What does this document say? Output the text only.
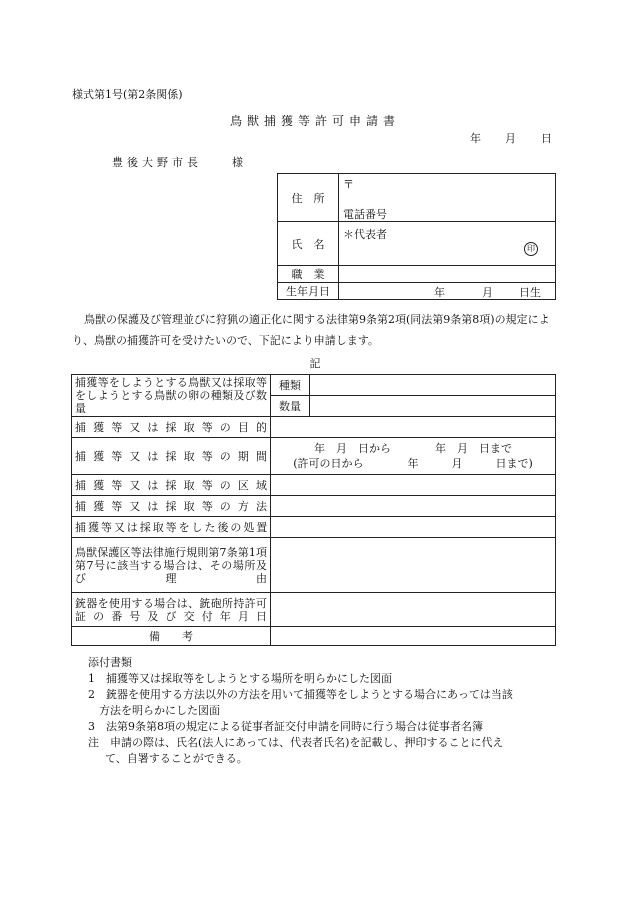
様式第1号(第2条関係)
鳥獣捕獲等許可申請書
年 月 日
豊後大野市長　　様
住　所	〒
電話番号

氏　名	＊代表者
印

職　業	
生年月日	年 月 日生
鳥獣の保護及び管理並びに狩猟の適正化に関する法律第9条第2項(同法第9条第8項)の規定により、鳥獣の捕獲許可を受けたいので、下記により申請します。
記
捕獲等をしようとする鳥獣又は採取等をしようとする鳥獣の卵の種類及び数量	種類	
	数量	
捕獲等又は採取等の目的		
捕獲等又は採取等の期間	年　月　日から　　　　年　月　日まで
(許可の日から　　　　年　　　月　　　日まで)	

捕獲等又は採取等の区域		
捕獲等又は採取等の方法		
捕獲等又は採取等をした後の処置		
鳥獣保護区等法律施行規則第7条第1項第7号に該当する場合は、その場所及び理由		
銃器を使用する場合は、銃砲所持許可証の番号及び交付年月日		
備　　考		
添付書類
1　捕獲等又は採取等をしようとする場所を明らかにした図面
2　銃器を使用する方法以外の方法を用いて捕獲等をしようとする場合にあっては当該
方法を明らかにした図面
3　法第9条第8項の規定による従事者証交付申請を同時に行う場合は従事者名簿
注　申請の際は、氏名(法人にあっては、代表者氏名)を記載し、押印することに代え
て、自署することができる。
